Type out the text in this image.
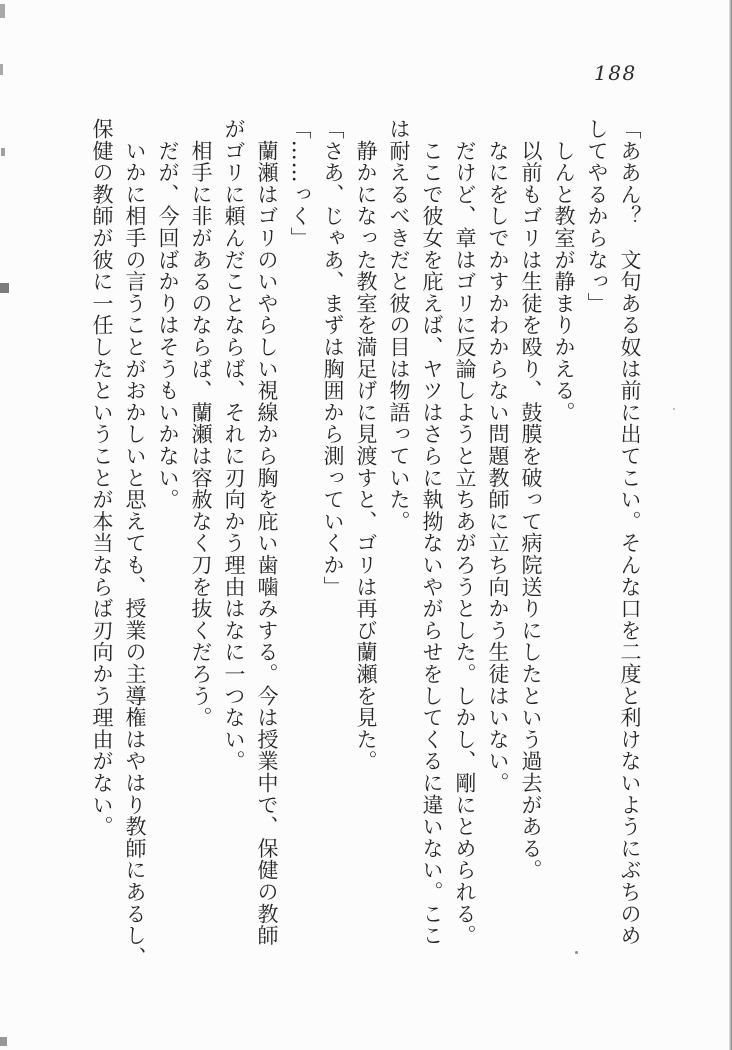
188
「ああん？　文句ある奴は前に出てこい。そんな口を二度と利けないようにぶちのめ
してやるからなっ」
　しんと教室が静まりかえる。
　以前もゴリは生徒を殴り、鼓膜を破って病院送りにしたという過去がある。
　なにをしでかすかわからない問題教師に立ち向かう生徒はいない。
　だけど、章はゴリに反論しようと立ちあがろうとした。しかし、剛にとめられる。
　ここで彼女を庇えば、ヤツはさらに執拗ないやがらせをしてくるに違いない。ここ
は耐えるべきだと彼の目は物語っていた。
　静かになった教室を満足げに見渡すと、ゴリは再び蘭瀬を見た。
「さあ、じゃあ、まずは胸囲から測っていくか」
「……っく」
　蘭瀬はゴリのいやらしい視線から胸を庇い歯噛みする。今は授業中で、保健の教師
がゴリに頼んだことならば、それに刃向かう理由はなに一つない。
　相手に非があるのならば、蘭瀬は容赦なく刀を抜くだろう。
　だが、今回ばかりはそうもいかない。
　いかに相手の言うことがおかしいと思えても、授業の主導権はやはり教師にあるし、
保健の教師が彼に一任したということが本当ならば刃向かう理由がない。
